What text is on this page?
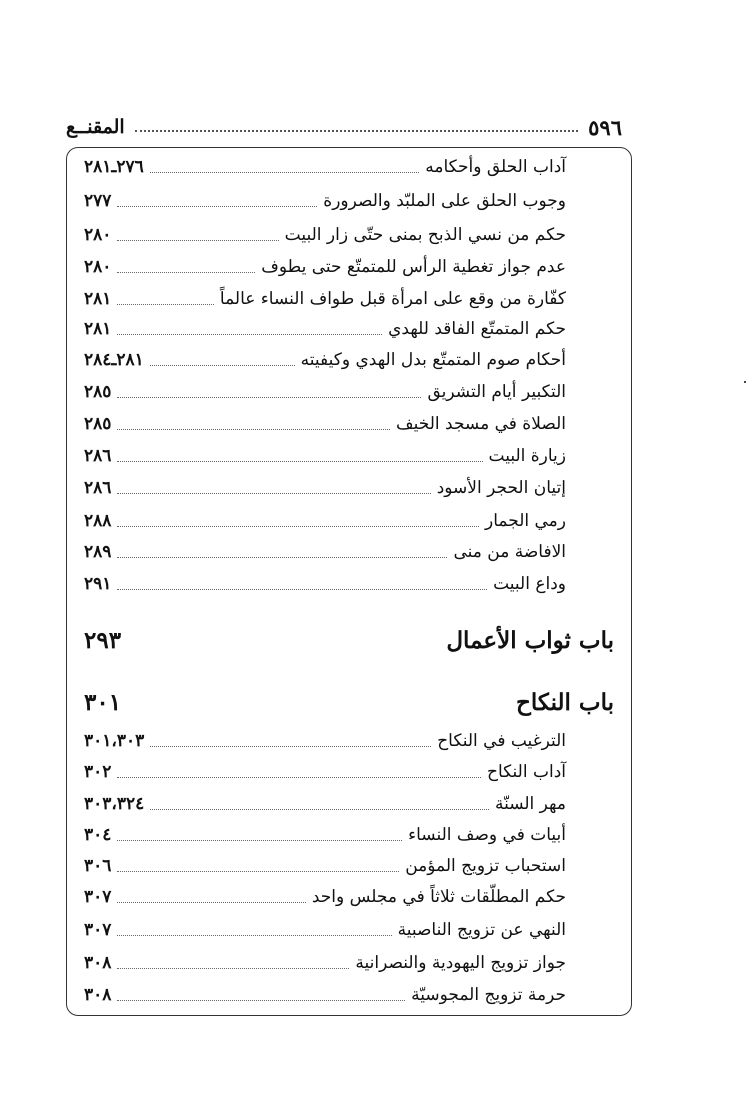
٥٩٦
المقنــع
آداب الحلق وأحكامه
٢٧٦ـ٢٨١
وجوب الحلق على الملبّد والصرورة
٢٧٧
حكم من نسي الذبح بمنى حتّى زار البيت
٢٨٠
عدم جواز تغطية الرأس للمتمتّع حتى يطوف
٢٨٠
كفّارة من وقع على امرأة قبل طواف النساء عالماً
٢٨١
حكم المتمتّع الفاقد للهدي
٢٨١
أحكام صوم المتمتّع بدل الهدي وكيفيته
٢٨١ـ٢٨٤
التكبير أيام التشريق
٢٨٥
الصلاة في مسجد الخيف
٢٨٥
زيارة البيت
٢٨٦
إتيان الحجر الأسود
٢٨٦
رمي الجمار
٢٨٨
الافاضة من منى
٢٨٩
وداع البيت
٢٩١
باب ثواب الأعمال
٢٩٣
باب النكاح
٣٠١
الترغيب في النكاح
٣٠١،٣٠٣
آداب النكاح
٣٠٢
مهر السنّة
٣٠٣،٣٢٤
أبيات في وصف النساء
٣٠٤
استحباب تزويج المؤمن
٣٠٦
حكم المطلّقات ثلاثاً في مجلس واحد
٣٠٧
النهي عن تزويج الناصبية
٣٠٧
جواز تزويج اليهودية والنصرانية
٣٠٨
حرمة تزويج المجوسيّة
٣٠٨
